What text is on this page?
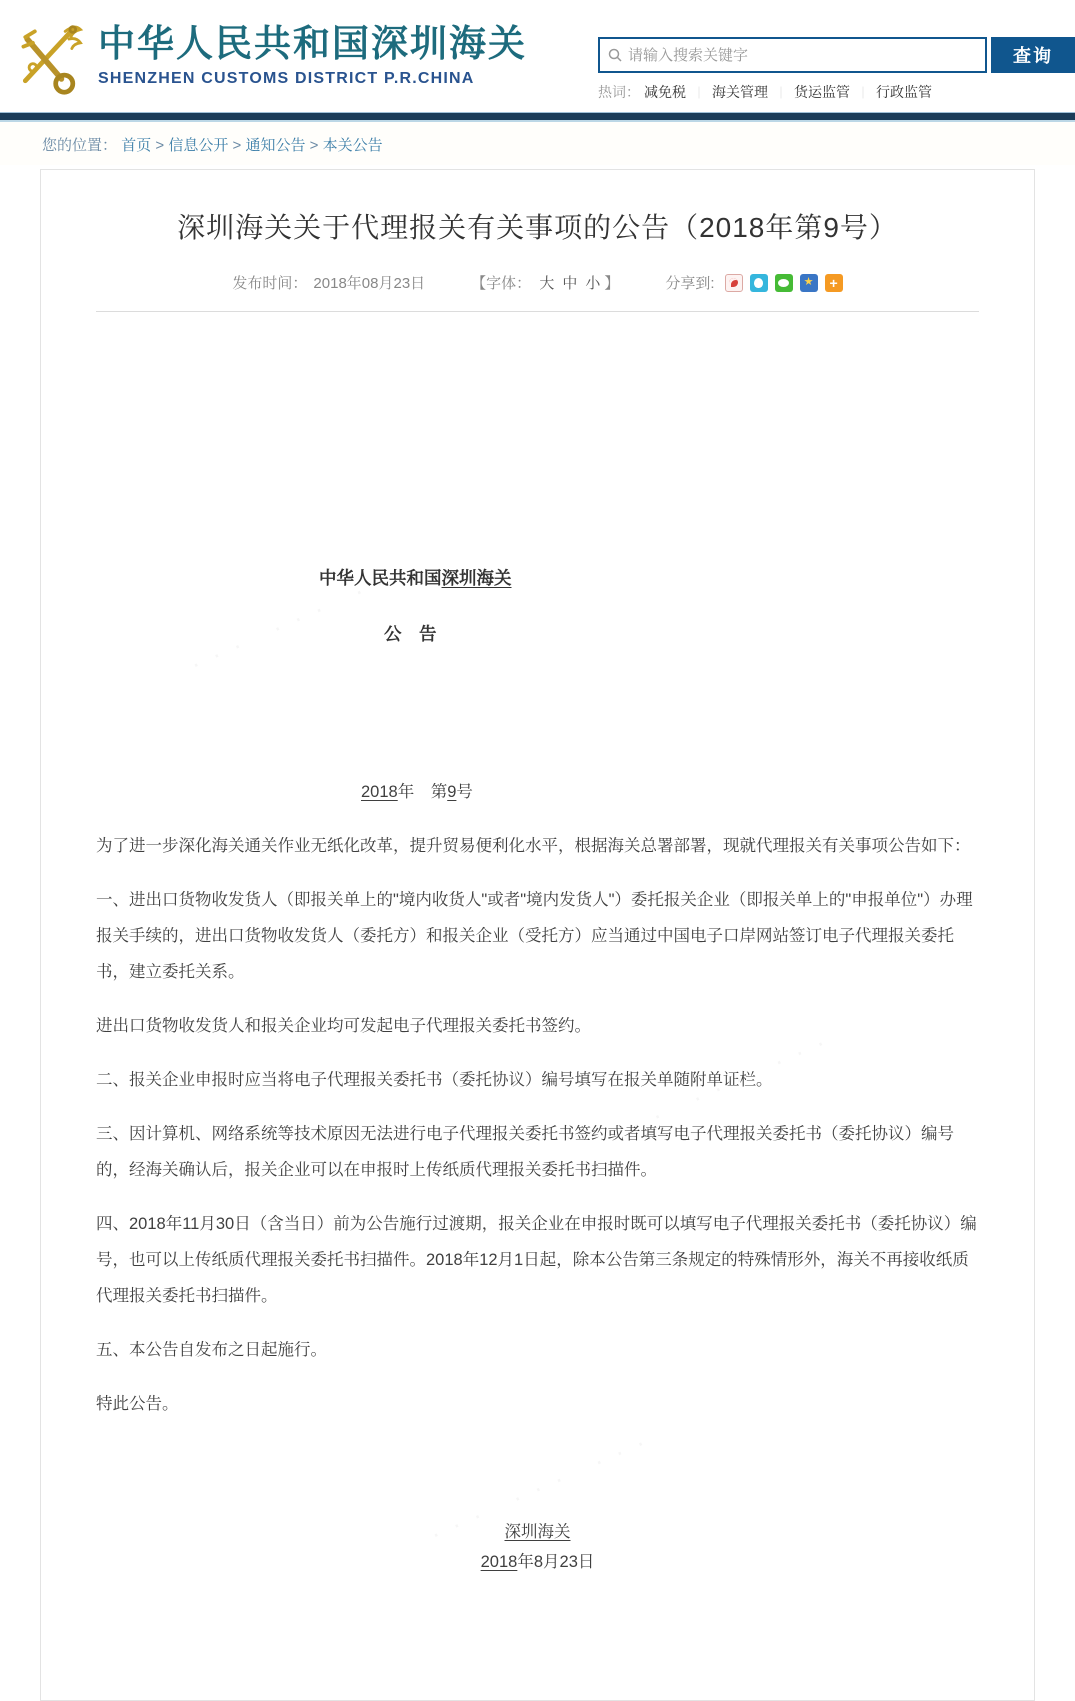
中华人民共和国深圳海关
SHENZHEN CUSTOMS DISTRICT P.R.CHINA
请输入搜索关键字
查询
热词： 减免税 ｜ 海关管理 ｜ 货运监管 ｜ 行政监管
您的位置： 首页 > 信息公开 > 通知公告 > 本关公告
深圳海关关于代理报关有关事项的公告（2018年第9号）
发布时间： 2018年08月23日	【字体： 大 中 小 】	分享到:	★	+
中华人民共和国深圳海关
公　告
2018年　 第9号

为了进一步深化海关通关作业无纸化改革，提升贸易便利化水平，根据海关总署部署，现就代理报关有关事项公告如下：

一、进出口货物收发货人（即报关单上的"境内收货人"或者"境内发货人"）委托报关企业（即报关单上的"申报单位"）办理报关手续的，进出口货物收发货人（委托方）和报关企业（受托方）应当通过中国电子口岸网站签订电子代理报关委托书，建立委托关系。

进出口货物收发货人和报关企业均可发起电子代理报关委托书签约。

二、报关企业申报时应当将电子代理报关委托书（委托协议）编号填写在报关单随附单证栏。

三、因计算机、网络系统等技术原因无法进行电子代理报关委托书签约或者填写电子代理报关委托书（委托协议）编号的，经海关确认后，报关企业可以在申报时上传纸质代理报关委托书扫描件。

四、2018年11月30日（含当日）前为公告施行过渡期，报关企业在申报时既可以填写电子代理报关委托书（委托协议）编号，也可以上传纸质代理报关委托书扫描件。2018年12月1日起，除本公告第三条规定的特殊情形外，海关不再接收纸质代理报关委托书扫描件。

五、本公告自发布之日起施行。

特此公告。

深圳海关
2018年8月23日
